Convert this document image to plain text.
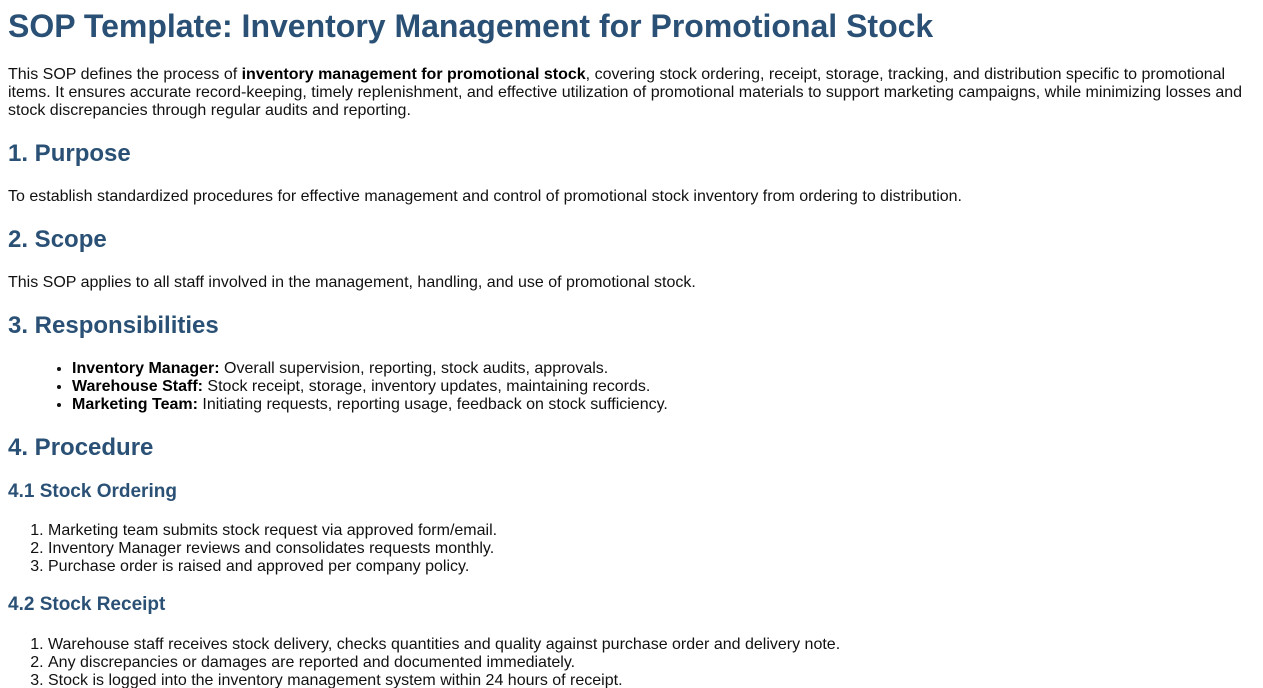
SOP Template: Inventory Management for Promotional Stock

This SOP defines the process of inventory management for promotional stock, covering stock ordering, receipt, storage, tracking, and distribution specific to promotional items. It ensures accurate record-keeping, timely replenishment, and effective utilization of promotional materials to support marketing campaigns, while minimizing losses and stock discrepancies through regular audits and reporting.

1. Purpose

To establish standardized procedures for effective management and control of promotional stock inventory from ordering to distribution.

2. Scope

This SOP applies to all staff involved in the management, handling, and use of promotional stock.

3. Responsibilities
• Inventory Manager: Overall supervision, reporting, stock audits, approvals.
• Warehouse Staff: Stock receipt, storage, inventory updates, maintaining records.
• Marketing Team: Initiating requests, reporting usage, feedback on stock sufficiency.
4. Procedure
4.1 Stock Ordering
1. Marketing team submits stock request via approved form/email.
2. Inventory Manager reviews and consolidates requests monthly.
3. Purchase order is raised and approved per company policy.
4.2 Stock Receipt
1. Warehouse staff receives stock delivery, checks quantities and quality against purchase order and delivery note.
2. Any discrepancies or damages are reported and documented immediately.
3. Stock is logged into the inventory management system within 24 hours of receipt.
